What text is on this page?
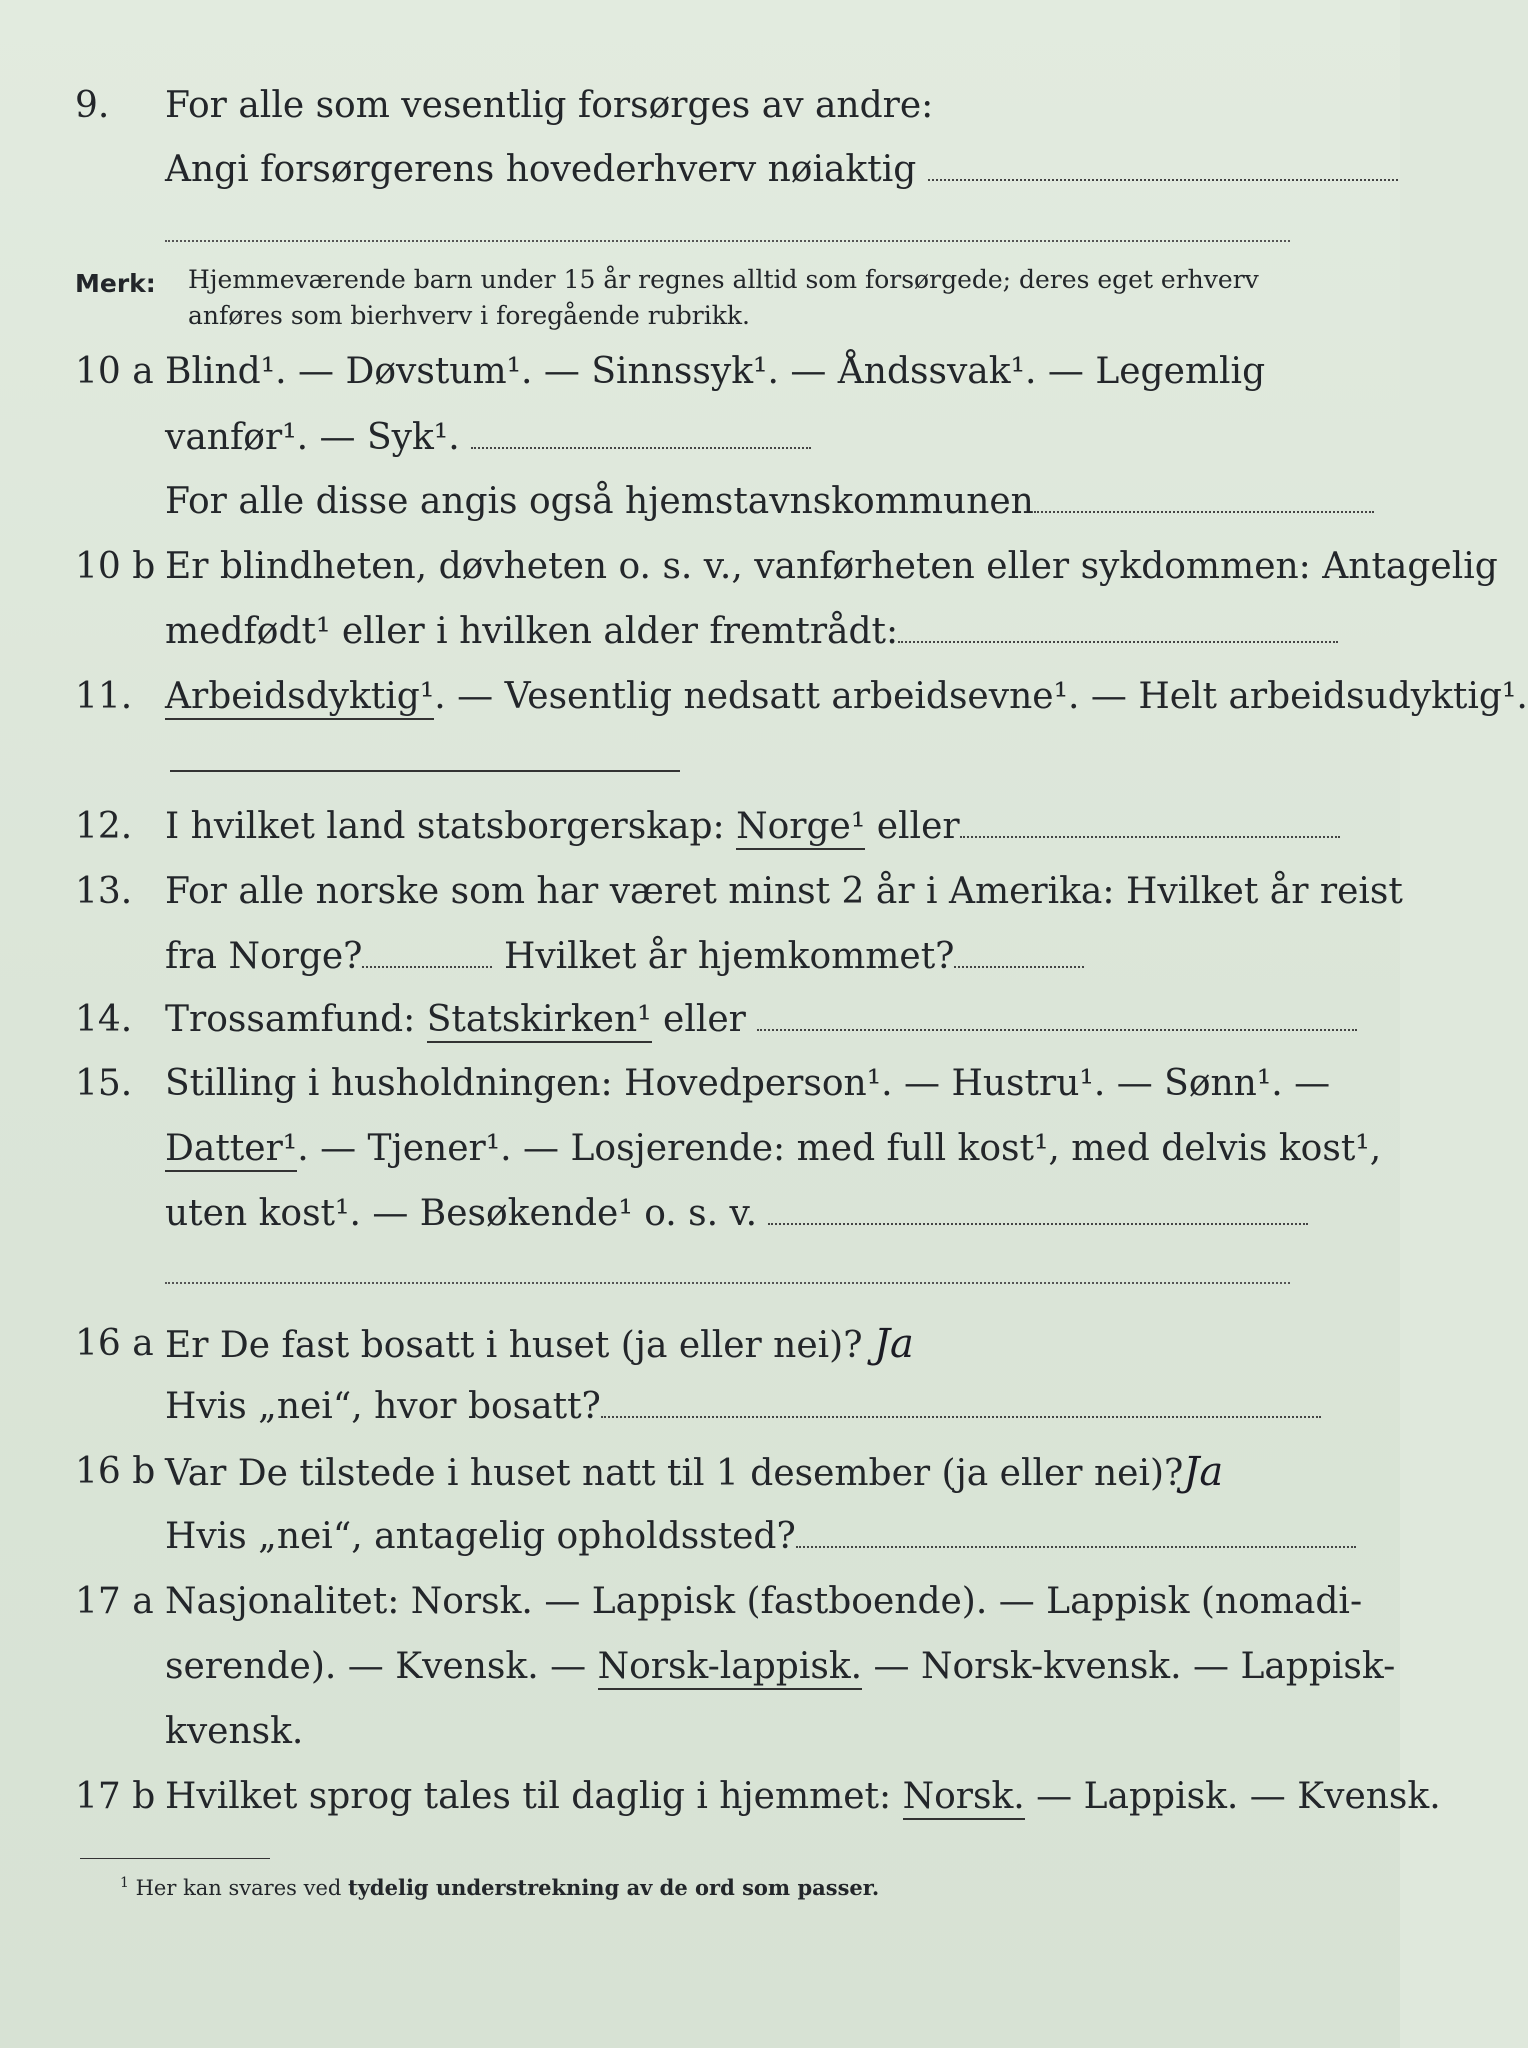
9. For alle som vesentlig forsørges av andre:
Angi forsørgerens hovederhverv nøiaktig
Merk: Hjemmeværende barn under 15 år regnes alltid som forsørgede; deres eget erhverv anføres som bierhverv i foregående rubrikk.
10 a Blind¹. — Døvstum¹. — Sinnssyk¹. — Åndssvak¹. — Legemlig
vanfør¹. — Syk¹.
For alle disse angis også hjemstavnskommunen
10 b Er blindheten, døvheten o. s. v., vanførheten eller sykdommen: Antagelig
medfødt¹ eller i hvilken alder fremtrådt:
11. Arbeidsdyktig¹. — Vesentlig nedsatt arbeidsevne¹. — Helt arbeidsudyktig¹.
12. I hvilket land statsborgerskap: Norge¹ eller
13. For alle norske som har været minst 2 år i Amerika: Hvilket år reist
fra Norge?	Hvilket år hjemkommet?
14. Trossamfund: Statskirken¹ eller
15. Stilling i husholdningen: Hovedperson¹. — Hustru¹. — Sønn¹. —
Datter¹. — Tjener¹. — Losjerende: med full kost¹, med delvis kost¹,
uten kost¹. — Besøkende¹ o. s. v.
16 a Er De fast bosatt i huset (ja eller nei)? Ja
Hvis „nei“, hvor bosatt?
16 b Var De tilstede i huset natt til 1 desember (ja eller nei)?Ja
Hvis „nei“, antagelig opholdssted?
17 a Nasjonalitet: Norsk. — Lappisk (fastboende). — Lappisk (nomadi-
serende). — Kvensk. — Norsk-lappisk. — Norsk-kvensk. — Lappisk-
kvensk.
17 b Hvilket sprog tales til daglig i hjemmet: Norsk. — Lappisk. — Kvensk.
$^1$ Her kan svares ved tydelig understrekning av de ord som passer.
